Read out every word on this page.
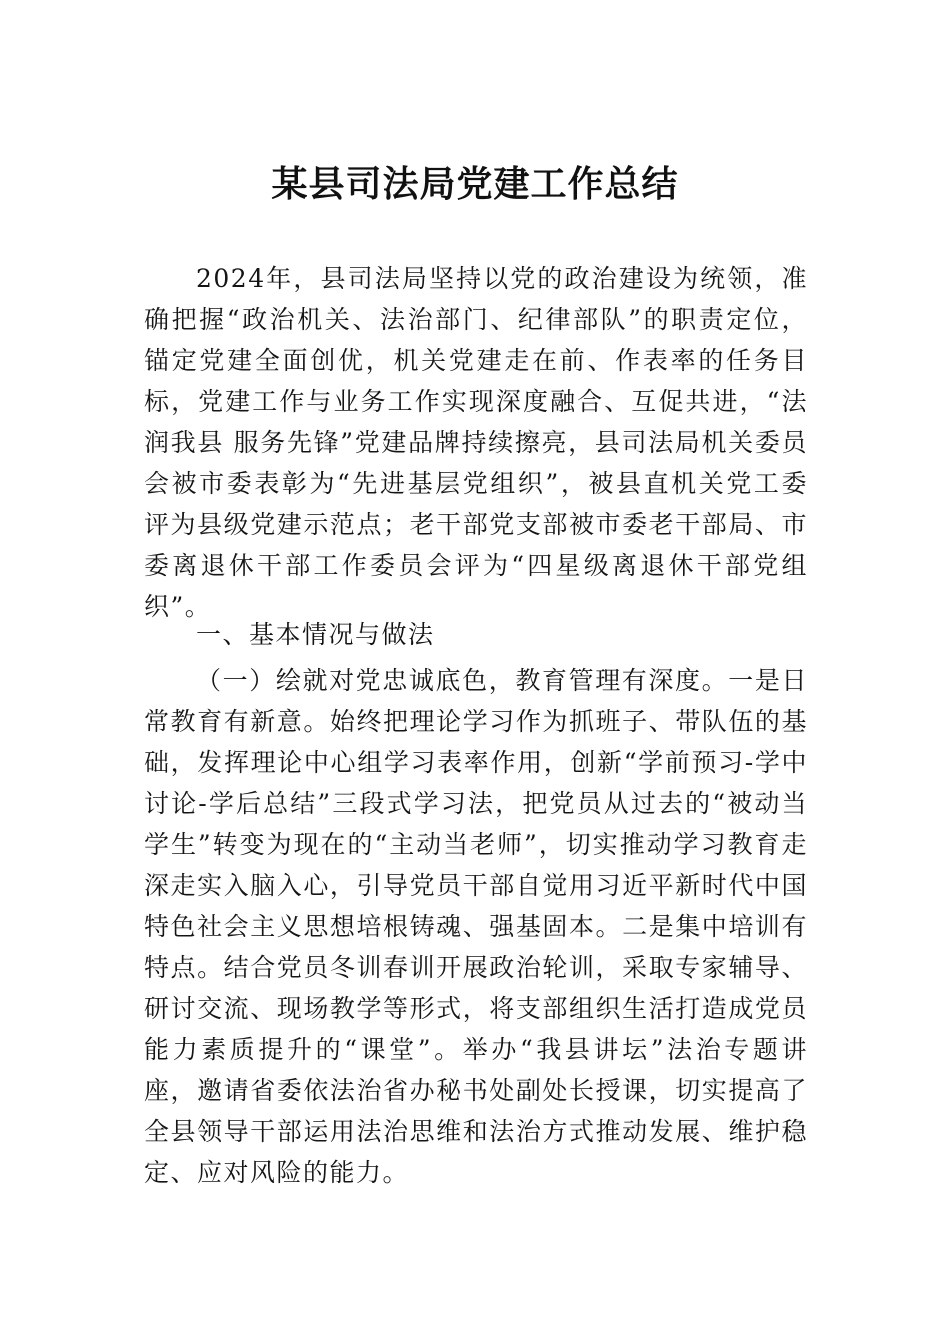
某县司法局党建工作总结
2024年，县司法局坚持以党的政治建设为统领，准确把握“政治机关、法治部门、纪律部队”的职责定位，锚定党建全面创优，机关党建走在前、作表率的任务目标，党建工作与业务工作实现深度融合、互促共进，“法润我县 服务先锋”党建品牌持续擦亮，县司法局机关委员会被市委表彰为“先进基层党组织”，被县直机关党工委评为县级党建示范点；老干部党支部被市委老干部局、市委离退休干部工作委员会评为“四星级离退休干部党组织”。
一、基本情况与做法
（一）绘就对党忠诚底色，教育管理有深度。一是日常教育有新意。始终把理论学习作为抓班子、带队伍的基础，发挥理论中心组学习表率作用，创新“学前预习-学中讨论-学后总结”三段式学习法，把党员从过去的“被动当学生”转变为现在的“主动当老师”，切实推动学习教育走深走实入脑入心，引导党员干部自觉用习近平新时代中国特色社会主义思想培根铸魂、强基固本。二是集中培训有特点。结合党员冬训春训开展政治轮训，采取专家辅导、研讨交流、现场教学等形式，将支部组织生活打造成党员能力素质提升的“课堂”。举办“我县讲坛”法治专题讲座，邀请省委依法治省办秘书处副处长授课，切实提高了全县领导干部运用法治思维和法治方式推动发展、维护稳定、应对风险的能力。
